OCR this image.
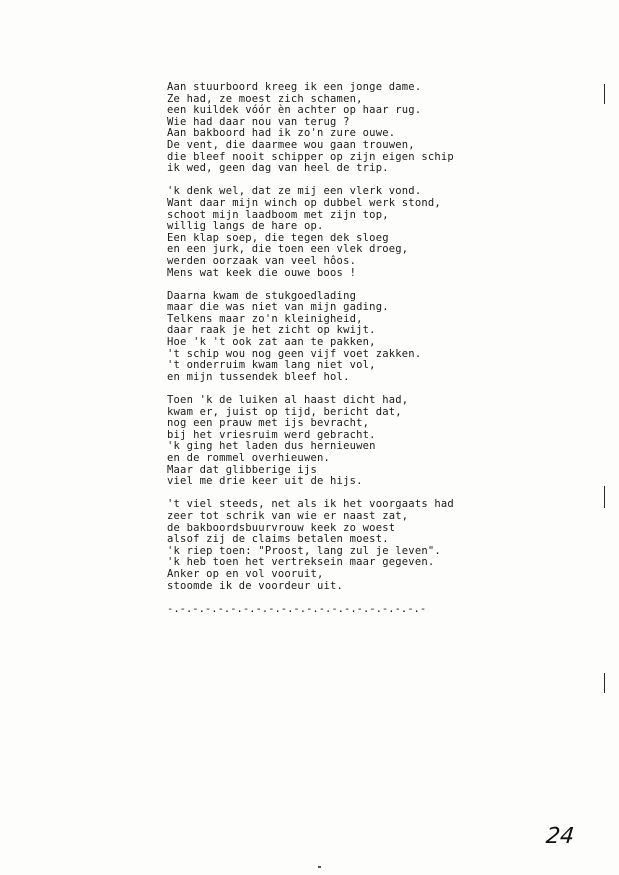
Aan stuurboord kreeg ik een jonge dame.
Ze had, ze moest zich schamen,
een kuildek vóór èn achter op haar rug.
Wie had daar nou van terug ?
Aan bakboord had ik zo'n zure ouwe.
De vent, die daarmee wou gaan trouwen,
die bleef nooit schipper op zijn eigen schip
ik wed, geen dag van heel de trip.
'k denk wel, dat ze mij een vlerk vond.
Want daar mijn winch op dubbel werk stond,
schoot mijn laadboom met zijn top,
willig langs de hare op.
Een klap soep, die tegen dek sloeg
en een jurk, die toen een vlek droeg,
werden oorzaak van veel hôos.
Mens wat keek die ouwe boos !
Daarna kwam de stukgoedlading
maar die was niet van mijn gading.
Telkens maar zo'n kleinigheid,
daar raak je het zicht op kwijt.
Hoe 'k 't ook zat aan te pakken,
't schip wou nog geen vijf voet zakken.
't onderruim kwam lang niet vol,
en mijn tussendek bleef hol.
Toen 'k de luiken al haast dicht had,
kwam er, juist op tijd, bericht dat,
nog een prauw met ijs bevracht,
bij het vriesruim werd gebracht.
'k ging het laden dus hernieuwen
en de rommel overhieuwen.
Maar dat glibberige ijs
viel me drie keer uit de hijs.
't viel steeds, net als ik het voorgaats had
zeer tot schrik van wie er naast zat,
de bakboordsbuurvrouw keek zo woest
alsof zij de claims betalen moest.
'k riep toen: "Proost, lang zul je leven".
'k heb toen het vertreksein maar gegeven.
Anker op en vol vooruit,
stoomde ik de voordeur uit.
-.-.-.-.-.-.-.-.-.-.-.-.-.-.-.-.-.-.-.-.-
24
